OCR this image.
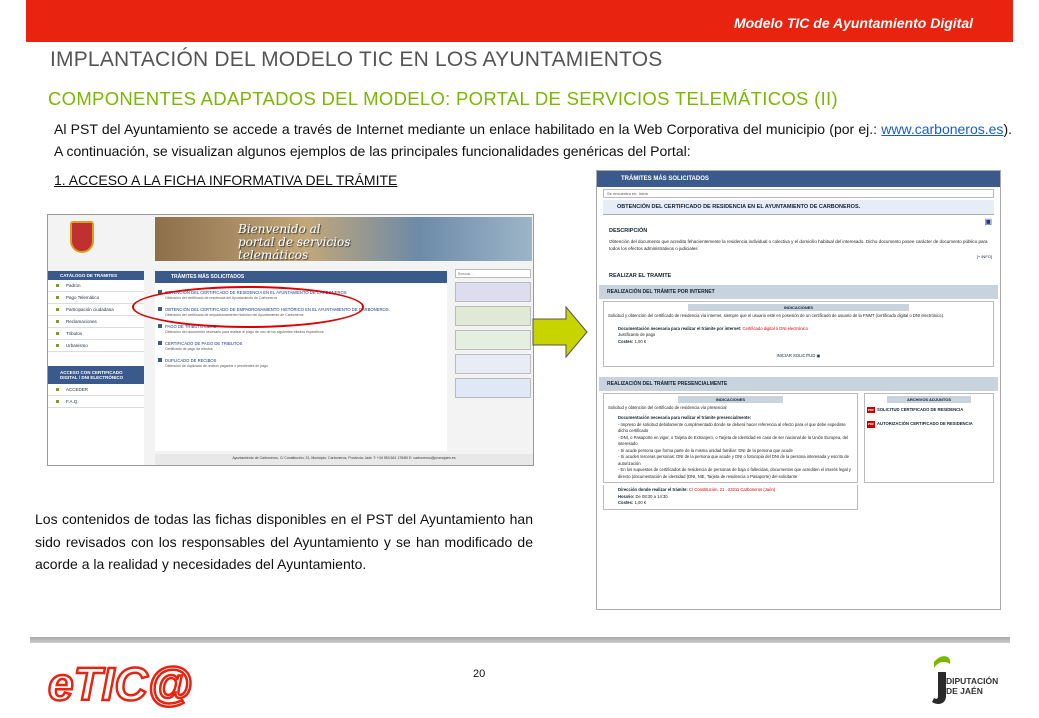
Modelo TIC de Ayuntamiento Digital
IMPLANTACIÓN DEL MODELO TIC EN LOS AYUNTAMIENTOS
COMPONENTES ADAPTADOS DEL MODELO: PORTAL DE SERVICIOS TELEMÁTICOS (II)
Al PST del Ayuntamiento se accede a través de Internet mediante un enlace habilitado en la Web Corporativa del municipio (por ej.: www.carboneros.es). A continuación, se visualizan algunos ejemplos de las principales funcionalidades genéricas del Portal:
1. ACCESO A LA FICHA INFORMATIVA DEL TRÁMITE
Bienvenido al portal de servicios telemáticos
CATÁLOGO DE TRÁMITES
Padrón
Pago Telemático
Participación ciudadana
Reclamaciones
Tributos
Urbanismo
ACCESO CON CERTIFICADO DIGITAL / DNI ELECTRÓNICO
ACCEDER
F.A.Q.
TRÁMITES MÁS SOLICITADOS
OBTENCIÓN DEL CERTIFICADO DE RESIDENCIA EN EL AYUNTAMIENTO DE CARBONEROS
Obtención del certificado de residencia del Ayuntamiento de Carboneros
OBTENCIÓN DEL CERTIFICADO DE EMPADRONAMIENTO HISTÓRICO EN EL AYUNTAMIENTO DE CARBONEROS.
Obtención del certificado de empadronamiento histórico del Ayuntamiento de Carboneros
PAGO DE TRIBUTO LIBRE
Obtención del documento necesario para realizar el pago de uno de los siguientes tributos específicos
CERTIFICADO DE PAGO DE TRIBUTOS
Certificado de pago de tributos
DUPLICADO DE RECIBOS
Obtención de duplicado de recibos pagados o pendientes de pago
Buscar...
Ayuntamiento de Carboneros, C/ Constitución, 21, Municipio: Carboneros, Provincia: Jaén T: +34 953 661 178/80 E: carboneros@promojaen.es
TRÁMITES MÁS SOLICITADOS
Se encuentra en: Inicio
OBTENCIÓN DEL CERTIFICADO DE RESIDENCIA EN EL AYUNTAMIENTO DE CARBONEROS.
▣
DESCRIPCIÓN
Obtención del documento que acredita fehacientemente la residencia individual o colectiva y el domicilio habitual del interesado. Dicho documento posee carácter de documento público para todos los efectos administrativos o judiciales
[+ INFO]
REALIZAR EL TRAMITE
REALIZACIÓN DEL TRÁMITE POR INTERNET
INDICACIONES
Solicitud y obtención del certificado de residencia vía internet, siempre que el usuario esté en posesión de un certificado de usuario de la FNMT (certificado digital o DNI electrónico).
Documentación necesaria para realizar el trámite por internet: Certificado digital ó DNI electrónico
Justificante de pago
Costes: 1,00 €
INICIAR SOLICITUD ▣
REALIZACIÓN DEL TRÁMITE PRESENCIALMENTE
INDICACIONES
Solicitud y obtención del certificado de residencia vía presencial
Documentación necesaria para realizar el trámite presencialmente:
- Impreso de solicitud debidamente cumplimentado donde se deberá hacer referencia al efecto para el que debe expedirse dicho certificado
- DNI, o Pasaporte en vigor, o Tarjeta de Extranjero, o Tarjeta de Identidad en caso de ser nacional de la Unión Europea, del interesado
- Si acude persona que forma parte de la misma unidad familiar: DNI de la persona que acude
- Si acuden terceras personas: DNI de la persona que acude y DNI o fotocopia del DNI de la persona interesada y escrito de autorización
- En los supuestos de certificados de residencia de personas de baja o fallecidas, documentos que acrediten el interés legal y directo (documentación de identidad (DNI, NIE, Tarjeta de residencia o Pasaporte) del solicitante
ARCHIVOS ADJUNTOS
PDF SOLICITUD CERTIFICADO DE RESIDENCIA
PDF AUTORIZACIÓN CERTIFICADO DE RESIDENCIA
Dirección donde realizar el trámite: C/ Constitución, 21 , 23211 Carboneros (Jaén)
Horario: De 08:30 a 14:30
Costes: 1,00 €
Los contenidos de todas las fichas disponibles en el PST del Ayuntamiento han sido revisados con los responsables del Ayuntamiento y se han modificado de acorde a la realidad y necesidades del Ayuntamiento.
20
eTIC@	DIPUTACIÓN DE JAÉN
